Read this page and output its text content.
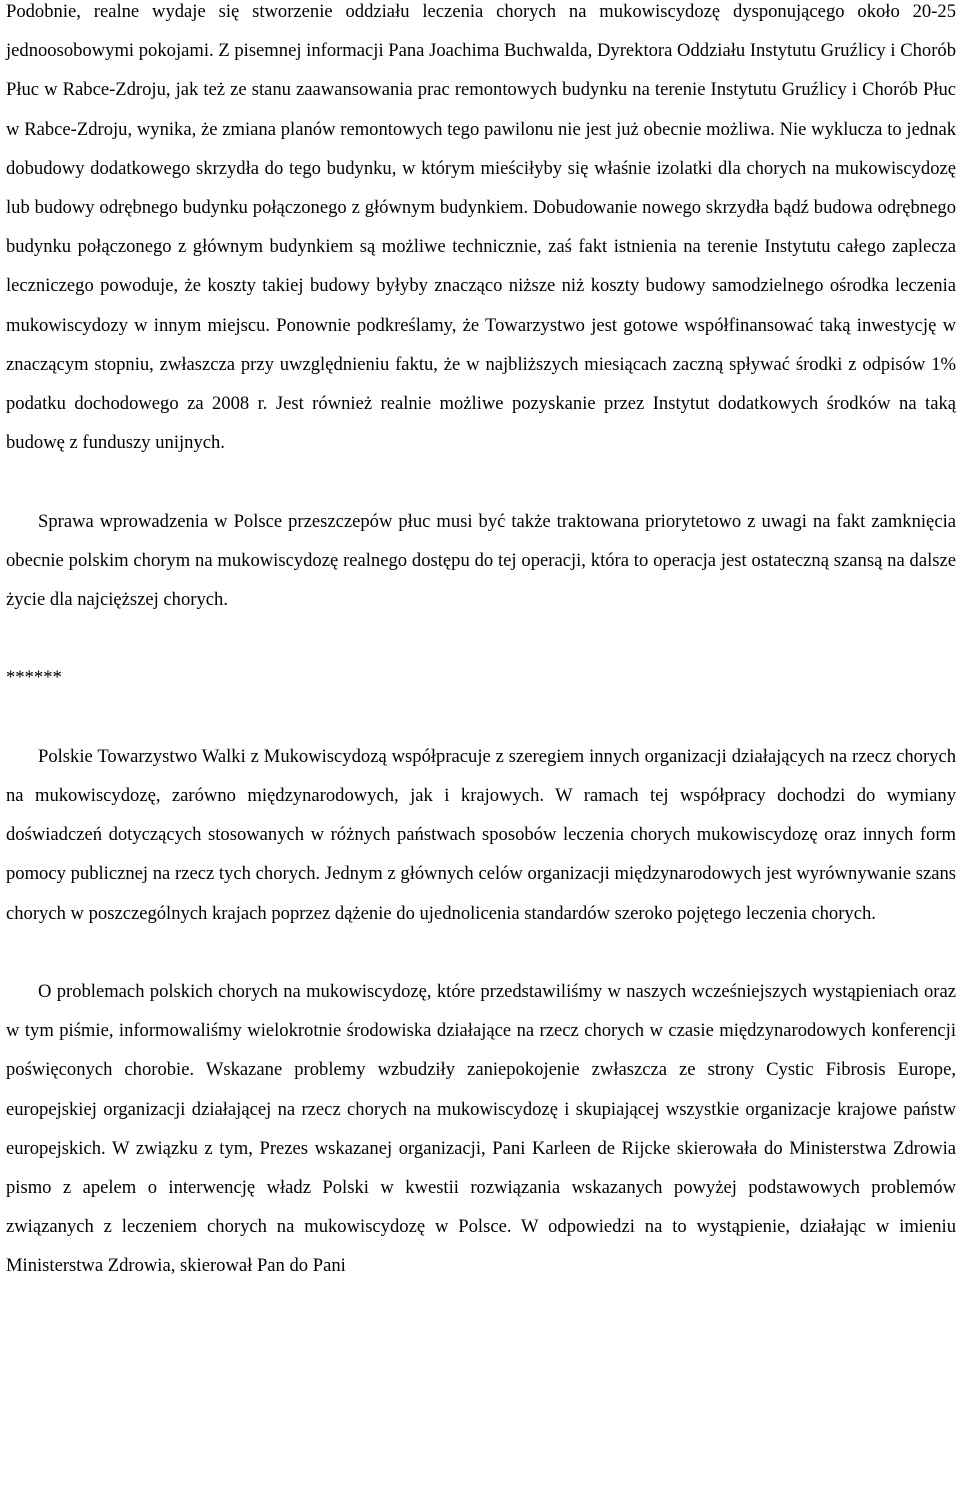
Podobnie, realne wydaje się stworzenie oddziału leczenia chorych na mukowiscydozę dysponującego około 20-25 jednoosobowymi pokojami. Z pisemnej informacji Pana Joachima Buchwalda, Dyrektora Oddziału Instytutu Gruźlicy i Chorób Płuc w Rabce-Zdroju, jak też ze stanu zaawansowania prac remontowych budynku na terenie Instytutu Gruźlicy i Chorób Płuc w Rabce-Zdroju, wynika, że zmiana planów remontowych tego pawilonu nie jest już obecnie możliwa. Nie wyklucza to jednak dobudowy dodatkowego skrzydła do tego budynku, w którym mieściłyby się właśnie izolatki dla chorych na mukowiscydozę lub budowy odrębnego budynku połączonego z głównym budynkiem. Dobudowanie nowego skrzydła bądź budowa odrębnego budynku połączonego z głównym budynkiem są możliwe technicznie, zaś fakt istnienia na terenie Instytutu całego zaplecza leczniczego powoduje, że koszty takiej budowy byłyby znacząco niższe niż koszty budowy samodzielnego ośrodka leczenia mukowiscydozy w innym miejscu. Ponownie podkreślamy, że Towarzystwo jest gotowe współfinansować taką inwestycję w znaczącym stopniu, zwłaszcza przy uwzględnieniu faktu, że w najbliższych miesiącach zaczną spływać środki z odpisów 1% podatku dochodowego za 2008 r. Jest również realnie możliwe pozyskanie przez Instytut dodatkowych środków na taką budowę z funduszy unijnych.

Sprawa wprowadzenia w Polsce przeszczepów płuc musi być także traktowana priorytetowo z uwagi na fakt zamknięcia obecnie polskim chorym na mukowiscydozę realnego dostępu do tej operacji, która to operacja jest ostateczną szansą na dalsze życie dla najcięższej chorych.

******

Polskie Towarzystwo Walki z Mukowiscydozą współpracuje z szeregiem innych organizacji działających na rzecz chorych na mukowiscydozę, zarówno międzynarodowych, jak i krajowych. W ramach tej współpracy dochodzi do wymiany doświadczeń dotyczących stosowanych w różnych państwach sposobów leczenia chorych mukowiscydozę oraz innych form pomocy publicznej na rzecz tych chorych. Jednym z głównych celów organizacji międzynarodowych jest wyrównywanie szans chorych w poszczególnych krajach poprzez dążenie do ujednolicenia standardów szeroko pojętego leczenia chorych.

O problemach polskich chorych na mukowiscydozę, które przedstawiliśmy w naszych wcześniejszych wystąpieniach oraz w tym piśmie, informowaliśmy wielokrotnie środowiska działające na rzecz chorych w czasie międzynarodowych konferencji poświęconych chorobie. Wskazane problemy wzbudziły zaniepokojenie zwłaszcza ze strony Cystic Fibrosis Europe, europejskiej organizacji działającej na rzecz chorych na mukowiscydozę i skupiającej wszystkie organizacje krajowe państw europejskich. W związku z tym, Prezes wskazanej organizacji, Pani Karleen de Rijcke skierowała do Ministerstwa Zdrowia pismo z apelem o interwencję władz Polski w kwestii rozwiązania wskazanych powyżej podstawowych problemów związanych z leczeniem chorych na mukowiscydozę w Polsce. W odpowiedzi na to wystąpienie, działając w imieniu Ministerstwa Zdrowia, skierował Pan do Pani
